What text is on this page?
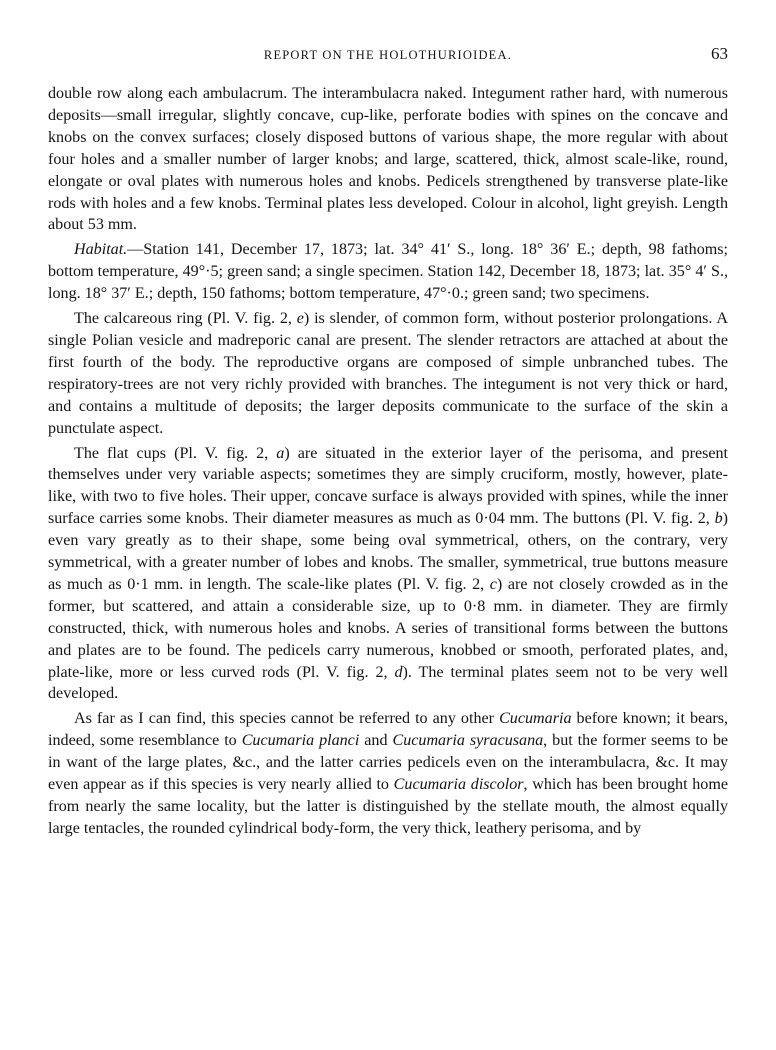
REPORT ON THE HOLOTHURIOIDEA.	63

double row along each ambulacrum. The interambulacra naked. Integument rather hard, with numerous deposits—small irregular, slightly concave, cup-like, perforate bodies with spines on the concave and knobs on the convex surfaces; closely disposed buttons of various shape, the more regular with about four holes and a smaller number of larger knobs; and large, scattered, thick, almost scale-like, round, elongate or oval plates with numerous holes and knobs. Pedicels strengthened by transverse plate-like rods with holes and a few knobs. Terminal plates less developed. Colour in alcohol, light greyish. Length about 53 mm.

Habitat.—Station 141, December 17, 1873; lat. 34° 41′ S., long. 18° 36′ E.; depth, 98 fathoms; bottom temperature, 49°·5; green sand; a single specimen. Station 142, December 18, 1873; lat. 35° 4′ S., long. 18° 37′ E.; depth, 150 fathoms; bottom temperature, 47°·0.; green sand; two specimens.

The calcareous ring (Pl. V. fig. 2, e) is slender, of common form, without posterior prolongations. A single Polian vesicle and madreporic canal are present. The slender retractors are attached at about the first fourth of the body. The reproductive organs are composed of simple unbranched tubes. The respiratory-trees are not very richly provided with branches. The integument is not very thick or hard, and contains a multitude of deposits; the larger deposits communicate to the surface of the skin a punctulate aspect.

The flat cups (Pl. V. fig. 2, a) are situated in the exterior layer of the perisoma, and present themselves under very variable aspects; sometimes they are simply cruciform, mostly, however, plate-like, with two to five holes. Their upper, concave surface is always provided with spines, while the inner surface carries some knobs. Their diameter measures as much as 0·04 mm. The buttons (Pl. V. fig. 2, b) even vary greatly as to their shape, some being oval symmetrical, others, on the contrary, very symmetrical, with a greater number of lobes and knobs. The smaller, symmetrical, true buttons measure as much as 0·1 mm. in length. The scale-like plates (Pl. V. fig. 2, c) are not closely crowded as in the former, but scattered, and attain a considerable size, up to 0·8 mm. in diameter. They are firmly constructed, thick, with numerous holes and knobs. A series of transitional forms between the buttons and plates are to be found. The pedicels carry numerous, knobbed or smooth, perforated plates, and, plate-like, more or less curved rods (Pl. V. fig. 2, d). The terminal plates seem not to be very well developed.

As far as I can find, this species cannot be referred to any other Cucumaria before known; it bears, indeed, some resemblance to Cucumaria planci and Cucumaria syracusana, but the former seems to be in want of the large plates, &c., and the latter carries pedicels even on the interambulacra, &c. It may even appear as if this species is very nearly allied to Cucumaria discolor, which has been brought home from nearly the same locality, but the latter is distinguished by the stellate mouth, the almost equally large tentacles, the rounded cylindrical body-form, the very thick, leathery perisoma, and by
